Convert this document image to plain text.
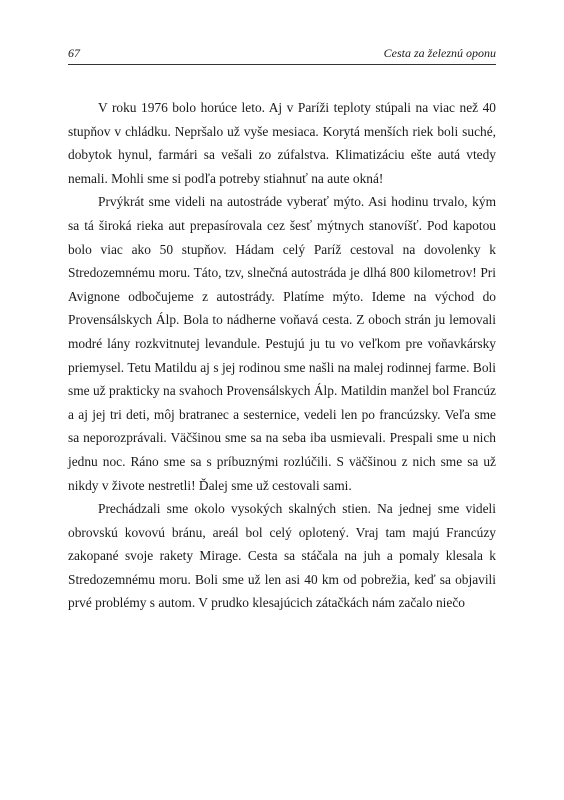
67	Cesta za železnú oponu

V roku 1976 bolo horúce leto. Aj v Paríži teploty stúpali na viac než 40 stupňov v chládku. Nepršalo už vyše mesiaca. Korytá menších riek boli suché, dobytok hynul, farmári sa vešali zo zúfalstva. Klimatizáciu ešte autá vtedy nemali. Mohli sme si podľa potreby stiahnuť na aute okná!

Prvýkrát sme videli na autostráde vyberať mýto. Asi hodinu trvalo, kým sa tá široká rieka aut prepasírovala cez šesť mýtnych stanovíšť. Pod kapotou bolo viac ako 50 stupňov. Hádam celý Paríž cestoval na dovolenky k Stredozemnému moru. Táto, tzv, slnečná autostráda je dlhá 800 kilometrov! Pri Avignone odbočujeme z autostrády. Platíme mýto. Ideme na východ do Provensálskych Álp. Bola to nádherne voňavá cesta. Z oboch strán ju lemovali modré lány rozkvitnutej levandule. Pestujú ju tu vo veľkom pre voňavkársky priemysel. Tetu Matildu aj s jej rodinou sme našli na malej rodinnej farme. Boli sme už prakticky na svahoch Provensálskych Álp. Matildin manžel bol Francúz a aj jej tri deti, môj bratranec a sesternice, vedeli len po francúzsky. Veľa sme sa neporozprávali. Väčšinou sme sa na seba iba usmievali. Prespali sme u nich jednu noc. Ráno sme sa s príbuznými rozlúčili. S väčšinou z nich sme sa už nikdy v živote nestretli! Ďalej sme už cestovali sami.

Prechádzali sme okolo vysokých skalných stien. Na jednej sme videli obrovskú kovovú bránu, areál bol celý oplotený. Vraj tam majú Francúzy zakopané svoje rakety Mirage. Cesta sa stáčala na juh a pomaly klesala k Stredozemnému moru. Boli sme už len asi 40 km od pobrežia, keď sa objavili prvé problémy s autom. V prudko klesajúcich zátačkách nám začalo niečo
